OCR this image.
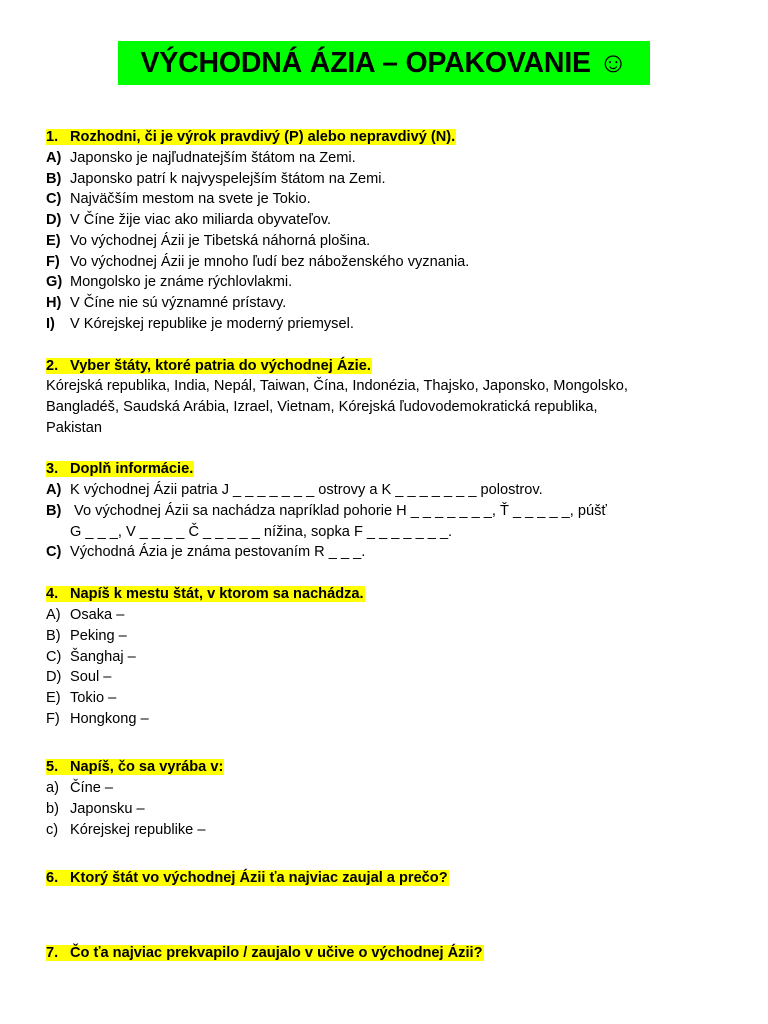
VÝCHODNÁ ÁZIA – OPAKOVANIE ☺
1. Rozhodni, či je výrok pravdivý (P) alebo nepravdivý (N).
A) Japonsko je najľudnatejším štátom na Zemi.
B) Japonsko patrí k najvyspelejším štátom na Zemi.
C) Najväčším mestom na svete je Tokio.
D) V Číne žije viac ako miliarda obyvateľov.
E) Vo východnej Ázii je Tibetská náhorná plošina.
F) Vo východnej Ázii je mnoho ľudí bez náboženského vyznania.
G) Mongolsko je známe rýchlovlakmi.
H) V Číne nie sú významné prístavy.
I) V Kórejskej republike je moderný priemysel.
2. Vyber štáty, ktoré patria do východnej Ázie.
Kórejská republika, India, Nepál, Taiwan, Čína, Indonézia, Thajsko, Japonsko, Mongolsko,
Bangladéš, Saudská Arábia, Izrael, Vietnam, Kórejská ľudovodemokratická republika,
Pakistan
3. Doplň informácie.
A) K východnej Ázii patria J _ _ _ _ _ _ _ ostrovy a K _ _ _ _ _ _ _ polostrov.
B) Vo východnej Ázii sa nachádza napríklad pohorie H _ _ _ _ _ _ _, Ť _ _ _ _ _, púšť
G _ _ _, V _ _ _ _ Č _ _ _ _ _ nížina, sopka F _ _ _ _ _ _ _.
C) Východná Ázia je známa pestovaním R _ _ _.
4. Napíš k mestu štát, v ktorom sa nachádza.
A) Osaka –
B) Peking –
C) Šanghaj –
D) Soul –
E) Tokio –
F) Hongkong –
5. Napíš, čo sa vyrába v:
a) Číne –
b) Japonsku –
c) Kórejskej republike –
6. Ktorý štát vo východnej Ázii ťa najviac zaujal a prečo?
7. Čo ťa najviac prekvapilo / zaujalo v učive o východnej Ázii?
